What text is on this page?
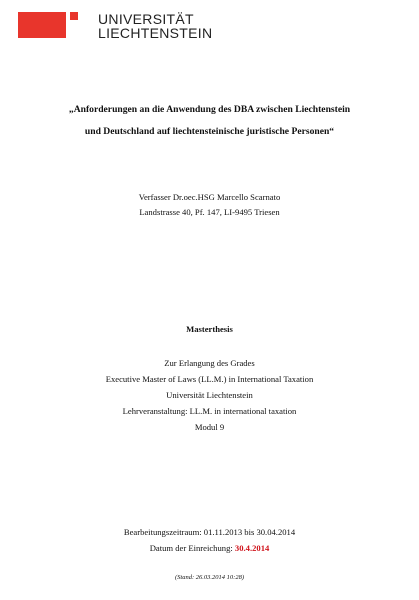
UNIVERSITÄT
LIECHTENSTEIN
„Anforderungen an die Anwendung des DBA zwischen Liechtenstein
und Deutschland auf liechtensteinische juristische Personen“
Verfasser Dr.oec.HSG Marcello Scarnato
Landstrasse 40, Pf. 147, LI-9495 Triesen
Masterthesis
Zur Erlangung des Grades
Executive Master of Laws (LL.M.) in International Taxation
Universität Liechtenstein
Lehrveranstaltung: LL.M. in international taxation
Modul 9
Bearbeitungszeitraum: 01.11.2013 bis 30.04.2014
Datum der Einreichung: 30.4.2014
(Stand: 26.03.2014 10:28)
